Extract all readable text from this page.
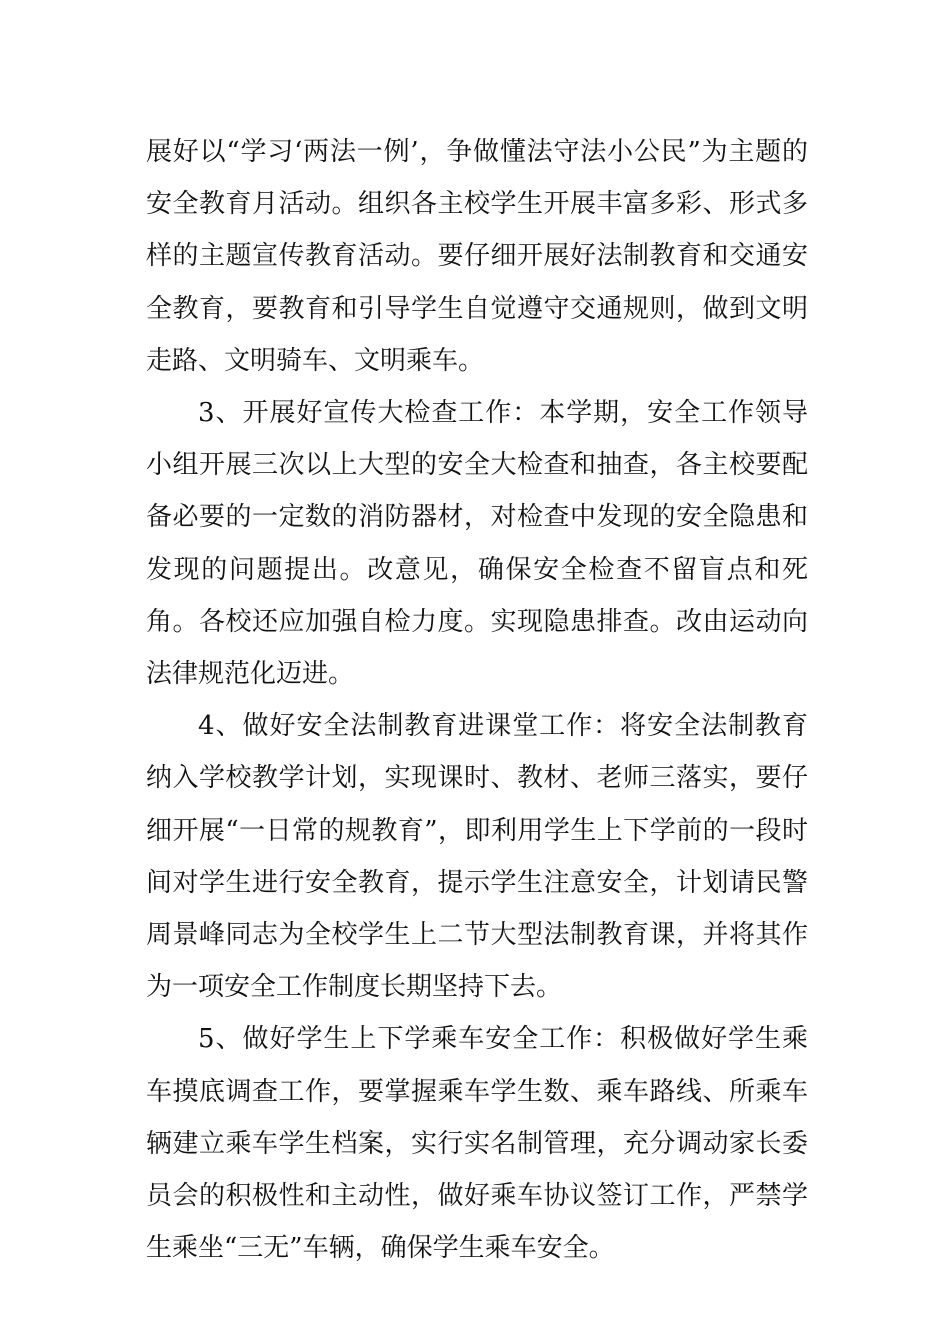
展好以“学习‘两法一例’，争做懂法守法小公民”为主题的安全教育月活动。组织各主校学生开展丰富多彩、形式多样的主题宣传教育活动。要仔细开展好法制教育和交通安全教育，要教育和引导学生自觉遵守交通规则，做到文明走路、文明骑车、文明乘车。

3、开展好宣传大检查工作：本学期，安全工作领导小组开展三次以上大型的安全大检查和抽查，各主校要配备必要的一定数的消防器材，对检查中发现的安全隐患和发现的问题提出。改意见，确保安全检查不留盲点和死角。各校还应加强自检力度。实现隐患排查。改由运动向法律规范化迈进。

4、做好安全法制教育进课堂工作：将安全法制教育纳入学校教学计划，实现课时、教材、老师三落实，要仔细开展“一日常的规教育”，即利用学生上下学前的一段时间对学生进行安全教育，提示学生注意安全，计划请民警周景峰同志为全校学生上二节大型法制教育课，并将其作为一项安全工作制度长期坚持下去。

5、做好学生上下学乘车安全工作：积极做好学生乘车摸底调查工作，要掌握乘车学生数、乘车路线、所乘车辆建立乘车学生档案，实行实名制管理，充分调动家长委员会的积极性和主动性，做好乘车协议签订工作，严禁学生乘坐“三无”车辆，确保学生乘车安全。
